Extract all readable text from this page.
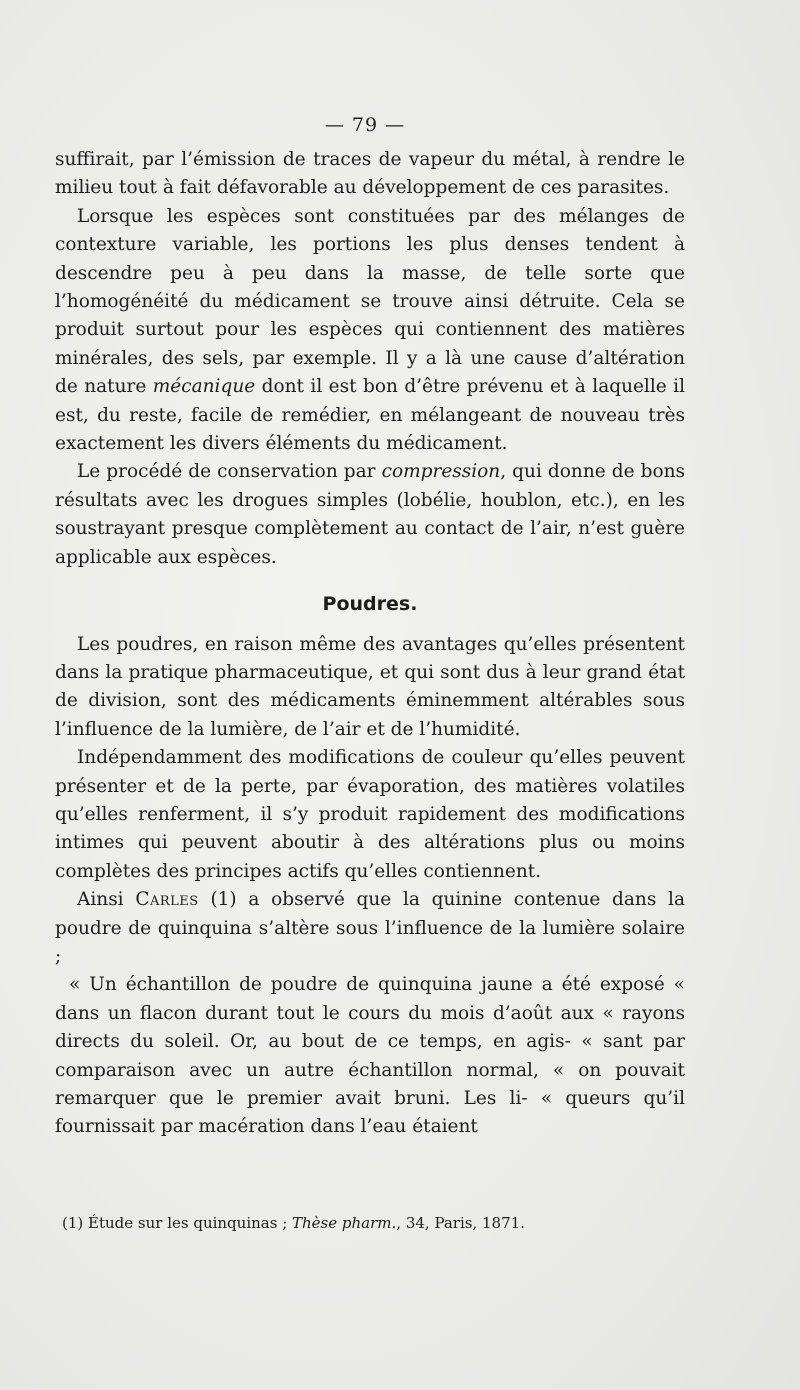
— 79 —

suffirait, par l’émission de traces de vapeur du métal, à rendre le milieu tout à fait défavorable au développement de ces parasites.

Lorsque les espèces sont constituées par des mélanges de contexture variable, les portions les plus denses tendent à descendre peu à peu dans la masse, de telle sorte que l’homogénéité du médicament se trouve ainsi détruite. Cela se produit surtout pour les espèces qui contiennent des matières minérales, des sels, par exemple. Il y a là une cause d’altération de nature mécanique dont il est bon d’être prévenu et à laquelle il est, du reste, facile de remédier, en mélangeant de nouveau très exactement les divers éléments du médicament.

Le procédé de conservation par compression, qui donne de bons résultats avec les drogues simples (lobélie, houblon, etc.), en les soustrayant presque complètement au contact de l’air, n’est guère applicable aux espèces.

Poudres.

Les poudres, en raison même des avantages qu’elles présentent dans la pratique pharmaceutique, et qui sont dus à leur grand état de division, sont des médicaments éminemment altérables sous l’influence de la lumière, de l’air et de l’humidité.

Indépendamment des modifications de couleur qu’elles peuvent présenter et de la perte, par évaporation, des matières volatiles qu’elles renferment, il s’y produit rapidement des modifications intimes qui peuvent aboutir à des altérations plus ou moins complètes des principes actifs qu’elles contiennent.

Ainsi Carles (1) a observé que la quinine contenue dans la poudre de quinquina s’altère sous l’influence de la lumière solaire ;

« Un échantillon de poudre de quinquina jaune a été exposé « dans un flacon durant tout le cours du mois d’août aux « rayons directs du soleil. Or, au bout de ce temps, en agis- « sant par comparaison avec un autre échantillon normal, « on pouvait remarquer que le premier avait bruni. Les li- « queurs qu’il fournissait par macération dans l’eau étaient

(1) Étude sur les quinquinas ; Thèse pharm., 34, Paris, 1871.
